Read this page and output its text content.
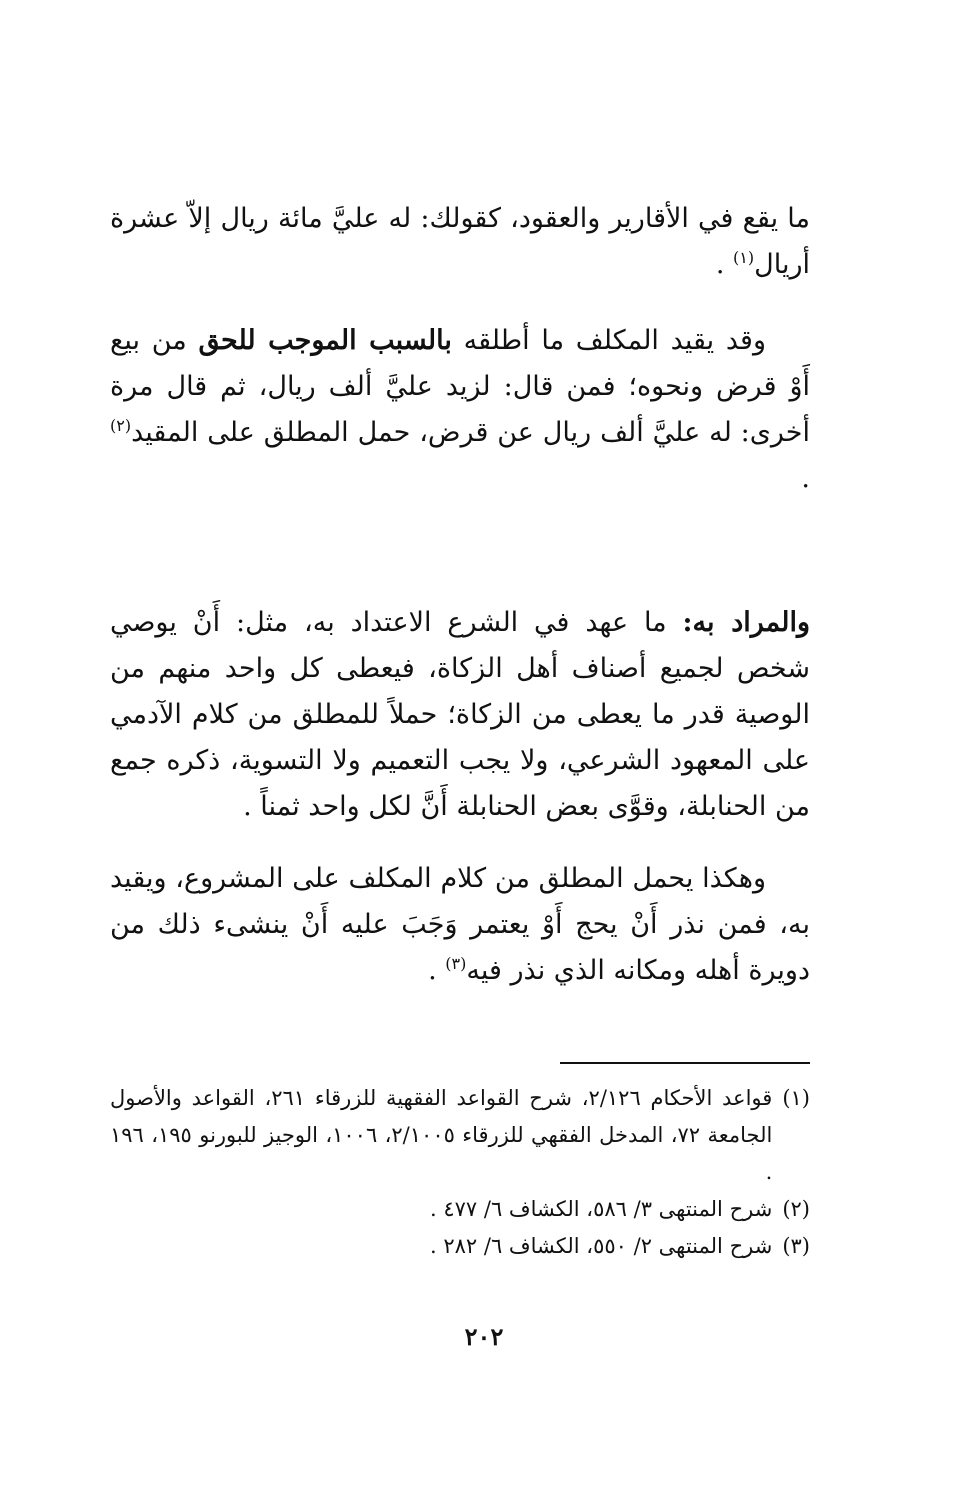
ما يقع في الأقارير والعقود، كقولك: له عليَّ مائة ريال إلاّ عشرة أريال$^{(١)}$ .

وقد يقيد المكلف ما أطلقه بالسبب الموجب للحق من بيع أَوْ قرض ونحوه؛ فمن قال: لزيد عليَّ ألف ريال، ثم قال مرة أخرى: له عليَّ ألف ريال عن قرض، حمل المطلق على المقيد$^{(٢)}$ .

والمراد به: ما عهد في الشرع الاعتداد به، مثل: أَنْ يوصي شخص لجميع أصناف أهل الزكاة، فيعطى كل واحد منهم من الوصية قدر ما يعطى من الزكاة؛ حملاً للمطلق من كلام الآدمي على المعهود الشرعي، ولا يجب التعميم ولا التسوية، ذكره جمع من الحنابلة، وقوَّى بعض الحنابلة أَنَّ لكل واحد ثمناً .

وهكذا يحمل المطلق من كلام المكلف على المشروع، ويقيد به، فمن نذر أَنْ يحج أَوْ يعتمر وَجَبَ عليه أَنْ ينشىء ذلك من دويرة أهله ومكانه الذي نذر فيه$^{(٣)}$ .

(١)
قواعد الأحكام ٢/١٢٦، شرح القواعد الفقهية للزرقاء ٢٦١، القواعد والأصول الجامعة ٧٢، المدخل الفقهي للزرقاء ٢/١٠٠٥، ١٠٠٦، الوجيز للبورنو ١٩٥، ١٩٦ .

(٢)
شرح المنتهى ٣/ ٥٨٦، الكشاف ٦/ ٤٧٧ .

(٣)
شرح المنتهى ٢/ ٥٥٠، الكشاف ٦/ ٢٨٢ .

٢٠٢
